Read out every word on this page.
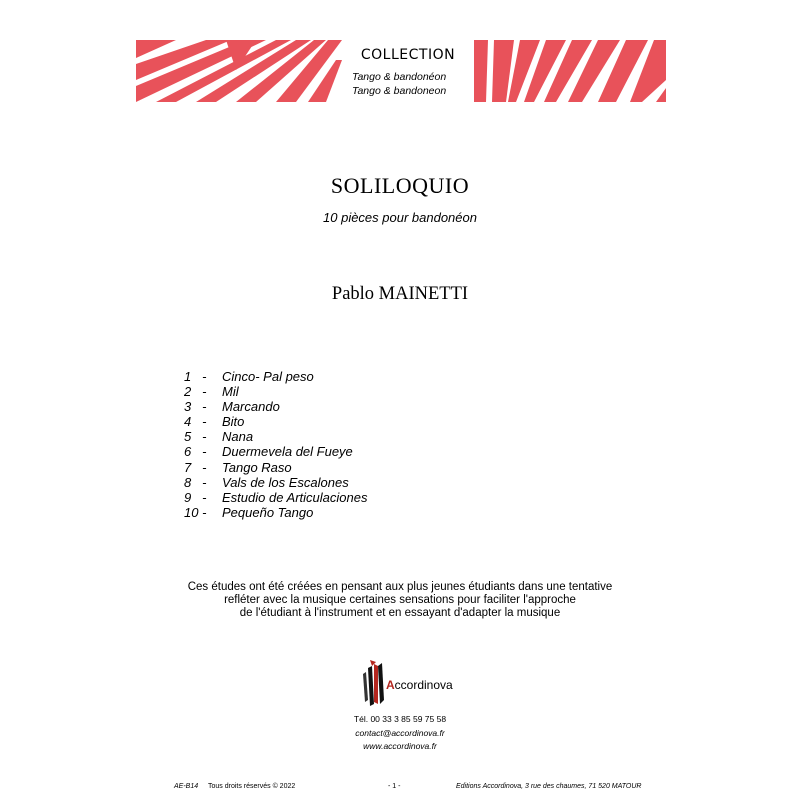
COLLECTION
Tango & bandonéon
Tango & bandoneon
SOLILOQUIO
10 pièces pour bandonéon
Pablo MAINETTI
1   - Cinco- Pal peso
2   - Mil
3   - Marcando
4   - Bito
5   - Nana
6   - Duermevela del Fueye
7   - Tango Raso
8   - Vals de los Escalones
9   - Estudio de Articulaciones
10 - Pequeño Tango
Ces études ont été créées en pensant aux plus jeunes étudiants dans une tentative
refléter avec la musique certaines sensations pour faciliter l'approche
de l'étudiant à l'instrument et en essayant d'adapter la musique
Accordinova
Tél. 00 33 3 85 59 75 58
contact@accordinova.fr
www.accordinova.fr
AE-B14 Tous droits réservés © 2022	- 1 -	Editions Accordinova, 3 rue des chaumes, 71 520 MATOUR
